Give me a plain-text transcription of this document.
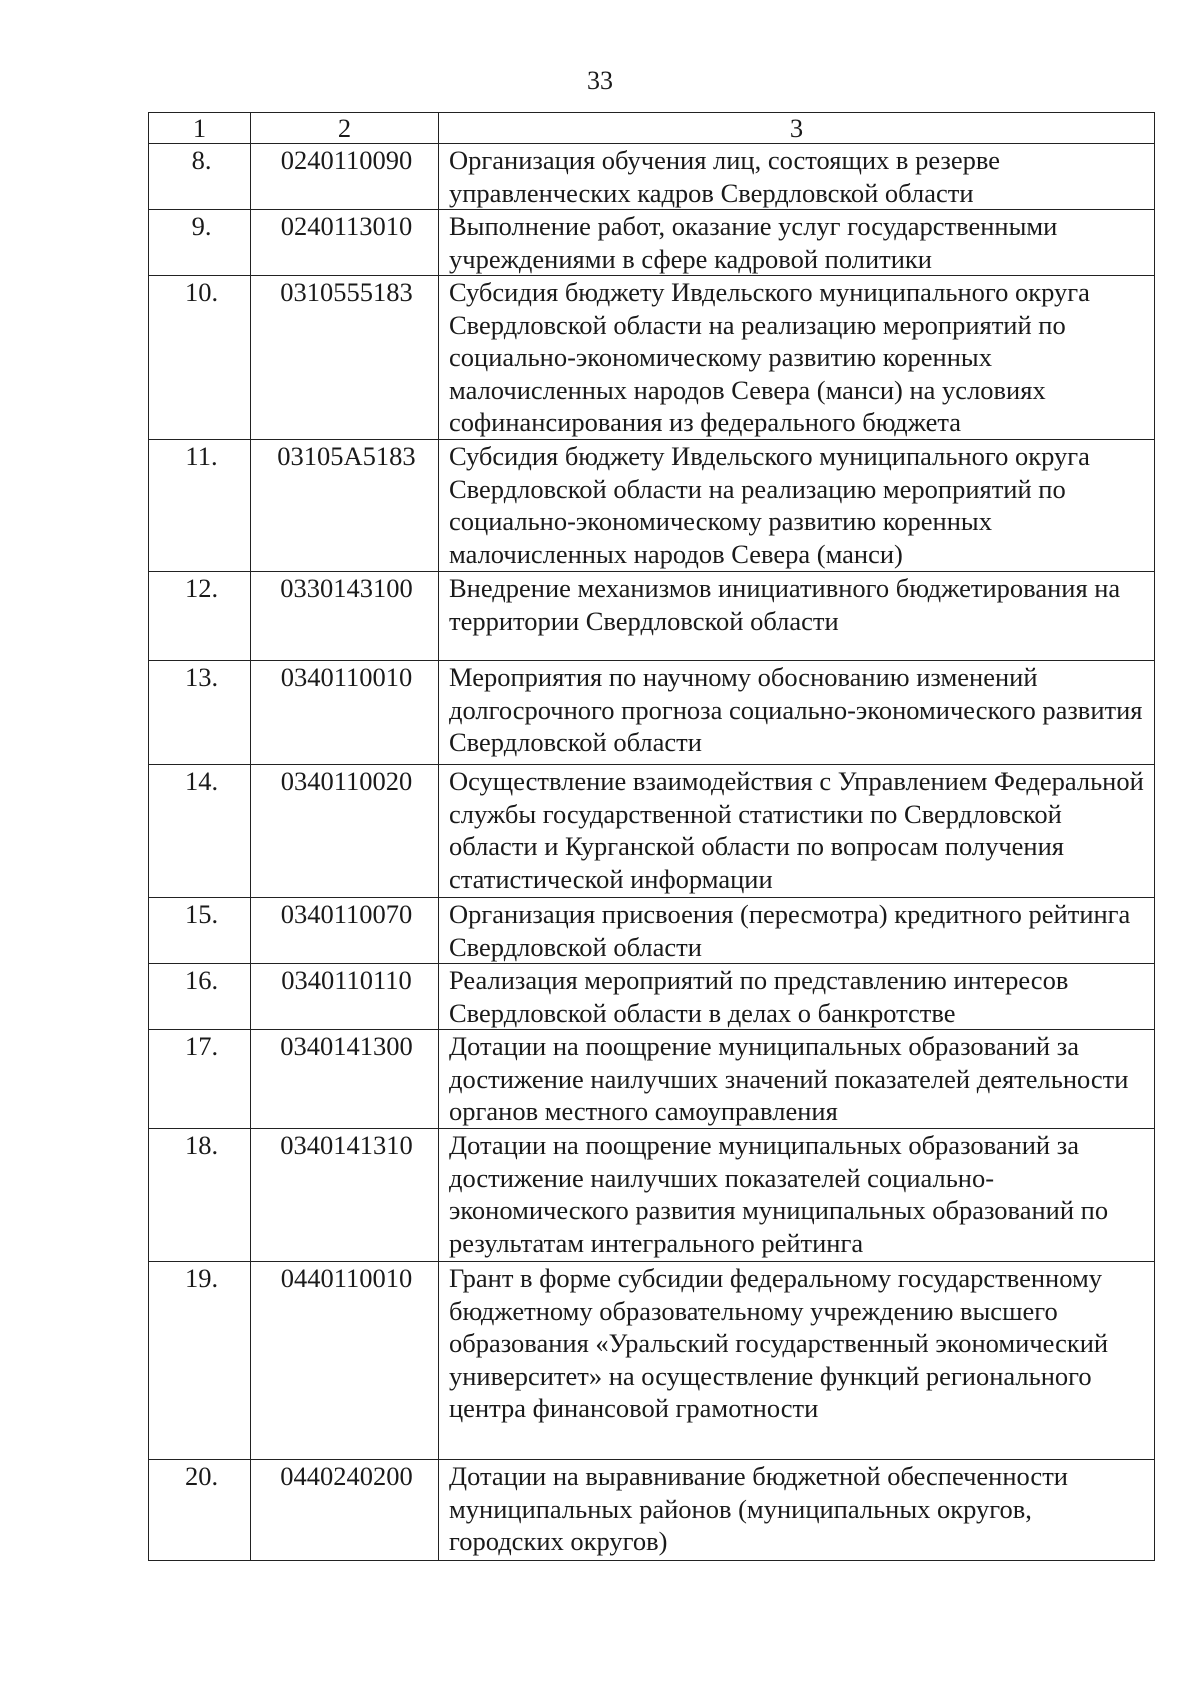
33
1	2	3
8.	0240110090	Организация обучения лиц, состоящих в резерве управленческих кадров Свердловской области
9.	0240113010	Выполнение работ, оказание услуг государственными учреждениями в сфере кадровой политики
10.	0310555183	Субсидия бюджету Ивдельского муниципального округа Свердловской области на реализацию мероприятий по социально-экономическому развитию коренных малочисленных народов Севера (манси) на условиях софинансирования из федерального бюджета
11.	03105A5183	Субсидия бюджету Ивдельского муниципального округа Свердловской области на реализацию мероприятий по социально-экономическому развитию коренных малочисленных народов Севера (манси)
12.	0330143100	Внедрение механизмов инициативного бюджетирования на территории Свердловской области
13.	0340110010	Мероприятия по научному обоснованию изменений долгосрочного прогноза социально-экономического развития Свердловской области
14.	0340110020	Осуществление взаимодействия с Управлением Федеральной службы государственной статистики по Свердловской области и Курганской области по вопросам получения статистической информации
15.	0340110070	Организация присвоения (пересмотра) кредитного рейтинга Свердловской области
16.	0340110110	Реализация мероприятий по представлению интересов Свердловской области в делах о банкротстве
17.	0340141300	Дотации на поощрение муниципальных образований за достижение наилучших значений показателей деятельности органов местного самоуправления
18.	0340141310	Дотации на поощрение муниципальных образований за достижение наилучших показателей социально-экономического развития муниципальных образований по результатам интегрального рейтинга
19.	0440110010	Грант в форме субсидии федеральному государственному бюджетному образовательному учреждению высшего образования «Уральский государственный экономический университет» на осуществление функций регионального центра финансовой грамотности
20.	0440240200	Дотации на выравнивание бюджетной обеспеченности муниципальных районов (муниципальных округов, городских округов)
